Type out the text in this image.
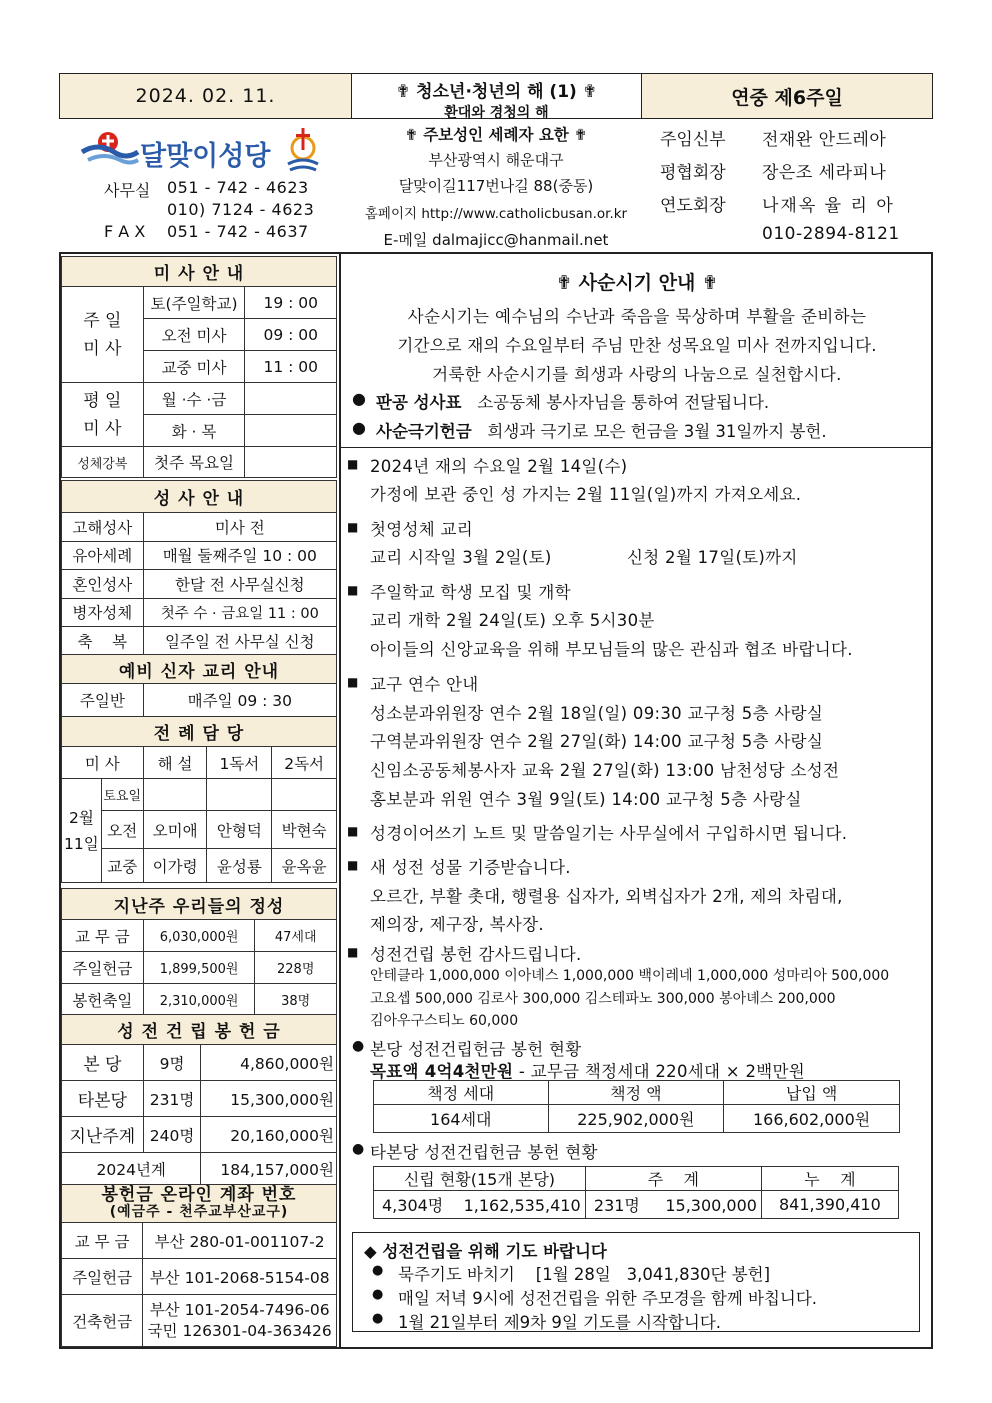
2024. 02. 11.	✟ 청소년·청년의 해 (1) ✟
환대와 경청의 해
연중 제6주일
달맞이성당
사무실 051 - 742 - 4623
010) 7124 - 4623
F A X 051 - 742 - 4637
✟ 주보성인 세례자 요한 ✟
부산광역시 해운대구
달맞이길117번나길 88(중동)
홈페이지 http://www.catholicbusan.or.kr
E-메일 dalmajicc@hanmail.net
주임신부 전재완 안드레아
평협회장 장은조 세라피나
연도회장 나재옥 율 리 아
010-2894-8121
미 사 안 내		
주 일 미 사	토(주일학교)	19 : 00
	오전 미사	09 : 00
	교중 미사	11 : 00
평 일 미 사	월 ·수 ·금	
	화 · 목	
성체강복	첫주 목요일	
성 사 안 내	
고해성사	미사 전
유아세례	매월 둘째주일 10 : 00
혼인성사	한달 전 사무실신청
병자성체	첫주 수 · 금요일 11 : 00
축    복	일주일 전 사무실 신청
예비 신자 교리 안내
주일반	매주일 09 : 30
전 례 담 당				
미 사		해 설	1독서	2독서
2월 11일	토요일			
	오전	오미애	안형덕	박현숙
	교중	이가령	윤성룡	윤옥윤
지난주 우리들의 정성		
교 무 금	6,030,000원	47세대
주일헌금	1,899,500원	228명
봉헌축일	2,310,000원	38명
성 전 건 립 봉 헌 금		
본 당	9명	4,860,000원
타본당	231명	15,300,000원
지난주계	240명	20,160,000원
2024년계		184,157,000원
봉헌금 온라인 계좌 번호
(예금주 - 천주교부산교구)	

교 무 금	부산 280-01-001107-2
주일헌금	부산 101-2068-5154-08
건축헌금	부산 101-2054-7496-06
국민 126301-04-363426
✟ 사순시기 안내 ✟
사순시기는 예수님의 수난과 죽음을 묵상하며 부활을 준비하는
기간으로 재의 수요일부터 주님 만찬 성목요일 미사 전까지입니다.
거룩한 사순시기를 희생과 사랑의 나눔으로 실천합시다.
● 판공 성사표 소공동체 봉사자님을 통하여 전달됩니다.
● 사순극기헌금 희생과 극기로 모은 헌금을 3월 31일까지 봉헌.
■ 2024년 재의 수요일 2월 14일(수)
가정에 보관 중인 성 가지는 2월 11일(일)까지 가져오세요.
■ 첫영성체 교리
교리 시작일 3월 2일(토)	신청 2월 17일(토)까지
■ 주일학교 학생 모집 및 개학
교리 개학 2월 24일(토) 오후 5시30분
아이들의 신앙교육을 위해 부모님들의 많은 관심과 협조 바랍니다.
■ 교구 연수 안내
성소분과위원장 연수 2월 18일(일) 09:30 교구청 5층 사랑실
구역분과위원장 연수 2월 27일(화) 14:00 교구청 5층 사랑실
신임소공동체봉사자 교육 2월 27일(화) 13:00 남천성당 소성전
홍보분과 위원 연수 3월 9일(토) 14:00 교구청 5층 사랑실
■ 성경이어쓰기 노트 및 말씀일기는 사무실에서 구입하시면 됩니다.
■ 새 성전 성물 기증받습니다.
오르간, 부활 촛대, 행렬용 십자가, 외벽십자가 2개, 제의 차림대,
제의장, 제구장, 복사장.
■ 성전건립 봉헌 감사드립니다.
안테클라 1,000,000 이아녜스 1,000,000 백이레네 1,000,000 성마리아 500,000
고요셉 500,000 김로사 300,000 김스테파노 300,000 봉아녜스 200,000
김아우구스티노 60,000
● 본당 성전건립헌금 봉헌 현황
목표액 4억4천만원 - 교무금 책정세대 220세대 × 2백만원
책정 세대	책정 액	납입 액
164세대	225,902,000원	166,602,000원
● 타본당 성전건립헌금 봉헌 현황
신립 현황(15개 본당)	주    계	누    계
4,304명 1,162,535,410	231명 15,300,000	841,390,410
◆ 성전건립을 위해 기도 바랍니다
● 묵주기도 바치기    [1월 28일   3,041,830단 봉헌]
● 매일 저녁 9시에 성전건립을 위한 주모경을 함께 바칩니다.
● 1월 21일부터 제9차 9일 기도를 시작합니다.
